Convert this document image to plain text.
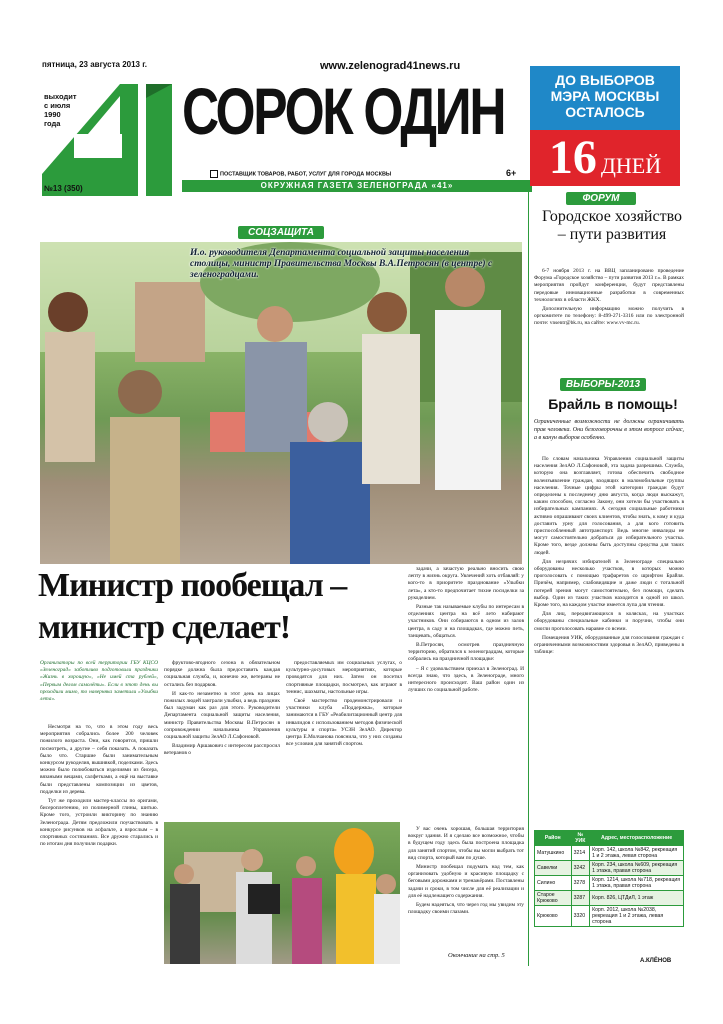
пятница, 23 августа 2013 г.	www.zelenograd41news.ru
выходит с июля 1990 года
№13 (350)
СОРОК ОДИН
ПОСТАВЩИК ТОВАРОВ, РАБОТ, УСЛУГ ДЛЯ ГОРОДА МОСКВЫ
ОКРУЖНАЯ ГАЗЕТА ЗЕЛЕНОГРАДА «41»
6+
ДО ВЫБОРОВ МЭРА МОСКВЫ ОСТАЛОСЬ
16 ДНЕЙ
ФОРУМ
Городское хозяйство – пути развития

6-7 ноября 2013 г. на ВВЦ запланировано проведение Форума «Городское хозяйство – пути развития 2013 г.». В рамках мероприятия пройдут конференции, будут представлены передовые инновационные разработки в современных технологиях в области ЖКХ.

Дополнительную информацию можно получить в оргкомитете по телефону: 8-499-271-3316 или по электронной почте: vnsentr@bk.ru, на сайте: www.vv-mc.ru.

ВЫБОРЫ-2013
Брайль в помощь!
Ограниченные возможности не должны ограничивать прав человека. Они безоговорочны в этом вопросе сейчас, а в канун выборов особенно.

По словам начальника Управления социальной защиты населения ЗелАО Л.Сафоновой, эта задача разрешима. Служба, которую она возглавляет, готова обеспечить свободное волеизъявление граждан, входящих в маломобильные группы населения. Точные цифры этой категории граждан будут определены к последнему дню августа, когда люди выскажут, каким способом, согласно Закону, они хотели бы участвовать в избирательных кампаниях. А сегодня социальные работники активно опрашивают своих клиентов, чтобы знать, к кому и куда доставить урну для голосования, а для кого готовить приспособленный автотранспорт. Ведь многие инвалиды не могут самостоятельно добраться до избирательного участка. Кроме того, везде должны быть доступны средства для таких людей.

Для незрячих избирателей в Зеленограде специально оборудованы несколько участков, в которых можно проголосовать с помощью трафаретов со шрифтом Брайля. Причём, например, слабовидящие и даже люди с тотальной потерей зрения могут самостоятельно, без помощи, сделать выбор. Один из таких участков находится в одной из школ. Кроме того, на каждом участке имеется лупа для чтения.

Для лиц, передвигающихся в колясках, на участках оборудованы специальные кабинки и поручни, чтобы они смогли проголосовать наравне со всеми.

Помещения УИК, оборудованные для голосования граждан с ограниченными возможностями здоровья в ЗелАО, приведены в таблице:

Район	№ УИК	Адрес, месторасположение
Матушкино	3214	Корп. 142, школа №842, рекреация 1 и 2 этажа, левая сторона
Савелки	3242	Корп. 234, школа №609, рекреация 1 этажа, правая сторона
Силино	3278	Корп. 1214, школа №718, рекреация 1 этажа, правая сторона
Старое Крюково	3287	Корп. 826, ЦТДиЛ, 1 этаж
Крюково	3320	Корп. 2012, школа №2038, рекреация 1 и 2 этажа, левая сторона
А.КЛЁНОВ
СОЦЗАЩИТА
И.о. руководителя Департамента социальной защиты населения столицы, министр Правительства Москвы В.А.Петросян (в центре) с зеленоградцами.
Фото А.Бусыгина
Министр пообещал –
министр сделает!
Организаторы по всей территории ГБУ КЦСО «Зеленоград» заботливо подготовили праздники «Жизнь в хорошую», «Не имей ста рублей», «Первым делом самолёты». Если в этот день вы проходили мимо, то наверняка заметили «Улыбки лета».

Несмотря на то, что в этом году весь мероприятия собрались более 200 человек пожилого возраста. Они, как говорится, пришли посмотреть, а другие – себя показать. А показать было что. Старшие были занимательным конкурсом рукоделия, вышивкой, поделками. Здесь можно было полюбоваться изделиями из бисера, вязаными вещами, салфетками, а ещё на выставке были представлены композиции из цветов, подделки из дерева.

Тут же проходили мастер-классы по оригами, бисероплетению, из полимерной глины, шитью. Кроме того, устроили викторину по знанию Зеленограда. Детям предложили поучаствовать в конкурсе рисунков на асфальте, а взрослым – в спортивных состязаниях. Все дружно старались и по итогам дня получили подарки.

фруктово-ягодного сезона в обязательном порядке должна была предоставить каждая социальная служба, и, конечно же, ветераны не остались без подарков.

И как-то незаметно в этот день на лицах пожилых людей заиграли улыбки, а ведь праздник был задуман как раз для этого. Руководители Департамента социальной защиты населения, министр Правительства Москвы В.Петросян в сопровождении начальника Управления социальной защиты ЗелАО Л.Сафоновой.

Владимир Аршакович с интересом расспросил ветеранов о

предоставляемых им социальных услугах, о культурно-досуговых мероприятиях, которые проводятся для них. Затем он посетил спортивные площадки, посмотрел, как играют в теннис, шахматы, настольные игры.

Своё мастерство продемонстрировали и участники клуба «Поддержка», которые занимаются в ГБУ «Реабилитационный центр для инвалидов с использованием методов физической культуры и спорта» УСЗН ЗелАО. Директор центра Е.Молчанова пояснила, что у них созданы все условия для занятий спортом.

задачи, а зачастую реально вносить свою лепту в жизнь округа. Увлечений хоть отбавляй: у кого-то в приоритете празднование «Улыбки лета», а кто-то предпочитает тихие посиделки за рукоделием.

Разные так называемые клубы по интересам в отделениях центра на всё лето набирают участников. Они собираются в одном из залов центра, в саду и на площадках, где можно петь, танцевать, общаться.

В.Петросян, осмотрев праздничную территорию, обратился к зеленоградцам, которые собрались на праздничной площадке:

– Я с удовольствием приехал в Зеленоград. И всегда знаю, что здесь, в Зеленограде, много интересного происходит. Ваш район один из лучших по социальной работе.

У вас очень хорошая, большая территория вокруг здания. И я сделаю все возможное, чтобы в будущем году здесь была построена площадка для занятий спортом, чтобы вы могли выбрать тот вид спорта, который вам по душе.

Министр пообещал подумать над тем, как организовать удобную и красивую площадку с беговыми дорожками и тренажёрами. Поставлены задачи и сроки, в том числе для её реализации и для её надлежащего содержания.

Будем надеяться, что через год мы увидим эту площадку своими глазами.

Окончание на стр. 5
